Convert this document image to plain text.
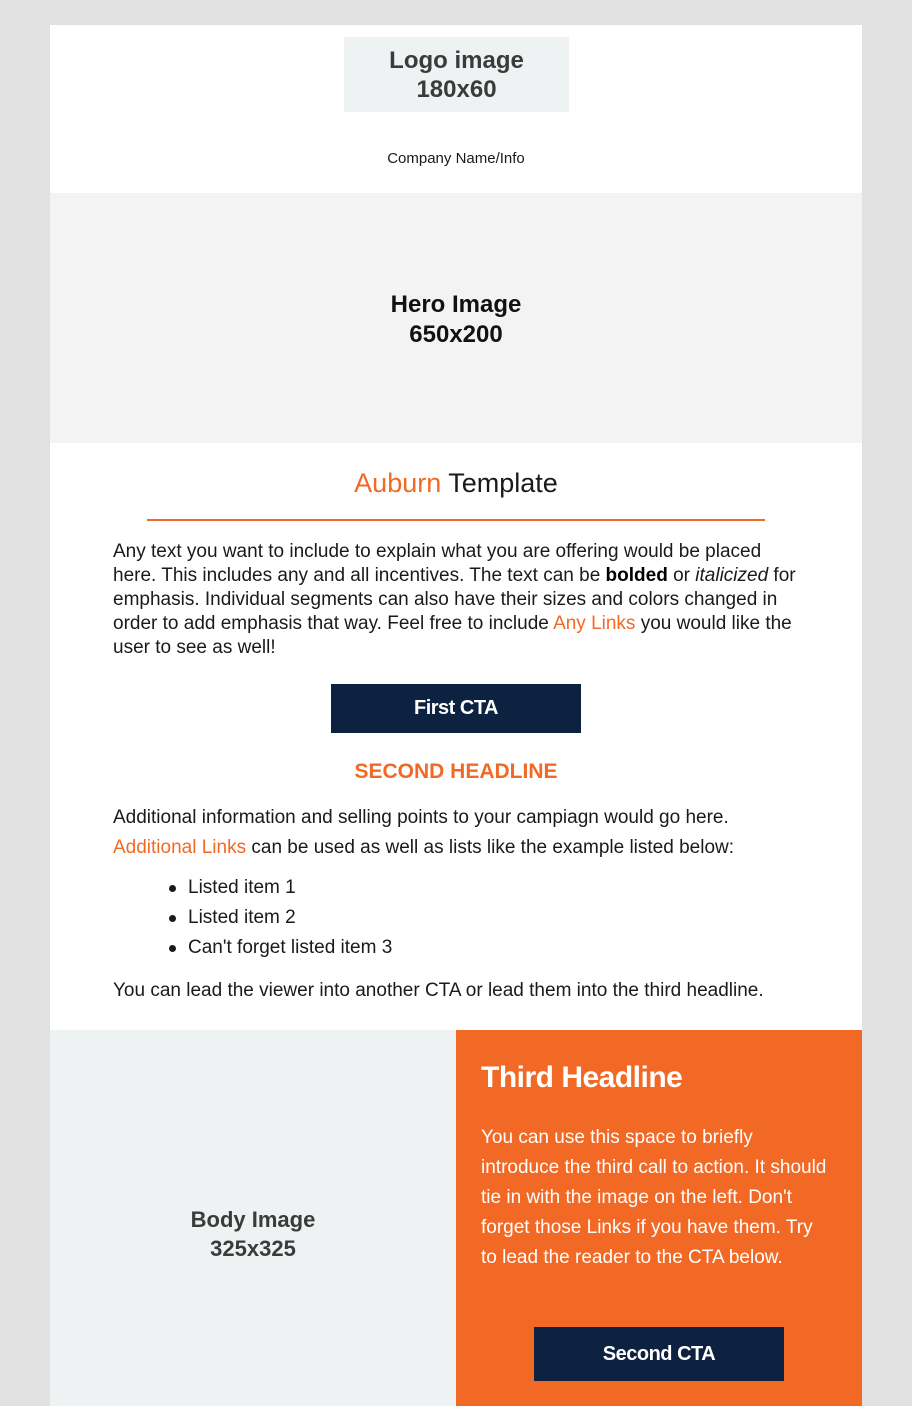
Logo image
180x60
Company Name/Info
Hero Image
650x200
Auburn Template
Any text you want to include to explain what you are offering would be placed here. This includes any and all incentives. The text can be bolded or italicized for emphasis. Individual segments can also have their sizes and colors changed in order to add emphasis that way. Feel free to include Any Links you would like the user to see as well!
First CTA
SECOND HEADLINE
Additional information and selling points to your campiagn would go here.
Additional Links can be used as well as lists like the example listed below:
Listed item 1
Listed item 2
Can't forget listed item 3
You can lead the viewer into another CTA or lead them into the third headline.
Body Image
325x325
Third Headline
You can use this space to briefly introduce the third call to action. It should tie in with the image on the left. Don't forget those Links if you have them. Try to lead the reader to the CTA below.
Second CTA
